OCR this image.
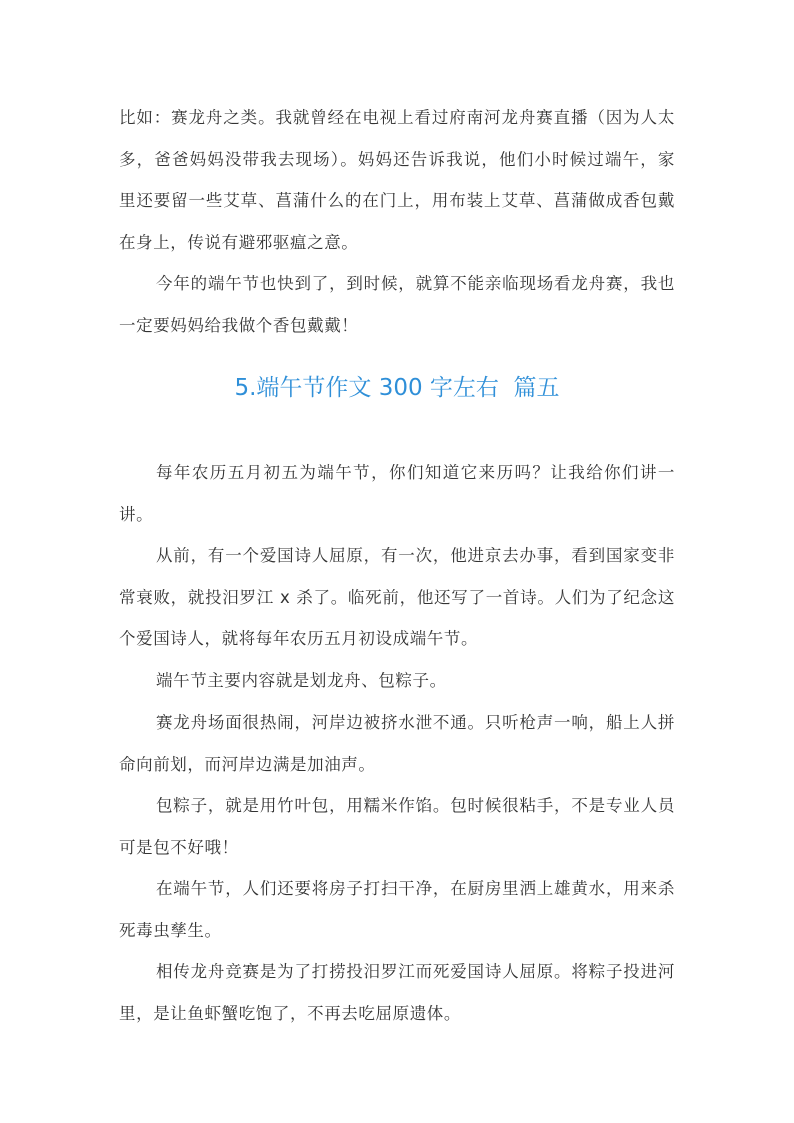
比如：赛龙舟之类。我就曾经在电视上看过府南河龙舟赛直播（因为人太多，爸爸妈妈没带我去现场）。妈妈还告诉我说，他们小时候过端午，家里还要留一些艾草、菖蒲什么的在门上，用布装上艾草、菖蒲做成香包戴在身上，传说有避邪驱瘟之意。

今年的端午节也快到了，到时候，就算不能亲临现场看龙舟赛，我也一定要妈妈给我做个香包戴戴！

5.端午节作文 300 字左右  篇五

每年农历五月初五为端午节，你们知道它来历吗？让我给你们讲一讲。

从前，有一个爱国诗人屈原，有一次，他进京去办事，看到国家变非常衰败，就投汨罗江 x 杀了。临死前，他还写了一首诗。人们为了纪念这个爱国诗人，就将每年农历五月初设成端午节。

端午节主要内容就是划龙舟、包粽子。

赛龙舟场面很热闹，河岸边被挤水泄不通。只听枪声一响，船上人拼命向前划，而河岸边满是加油声。

包粽子，就是用竹叶包，用糯米作馅。包时候很粘手，不是专业人员可是包不好哦！

在端午节，人们还要将房子打扫干净，在厨房里洒上雄黄水，用来杀死毒虫孳生。

相传龙舟竞赛是为了打捞投汨罗江而死爱国诗人屈原。将粽子投进河里，是让鱼虾蟹吃饱了，不再去吃屈原遗体。
